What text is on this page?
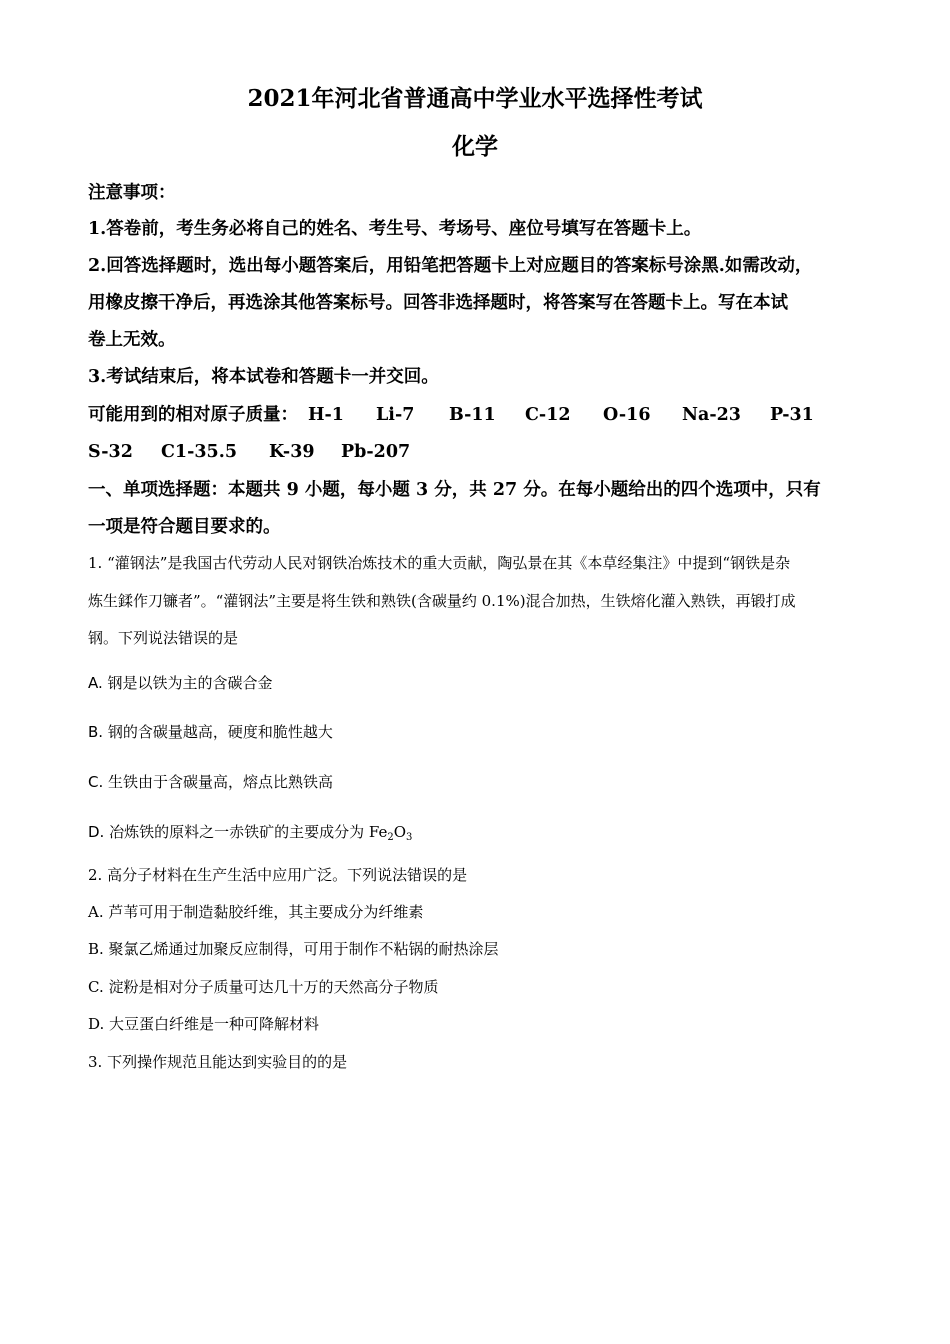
2021年河北省普通高中学业水平选择性考试
化学
注意事项：
1.答卷前，考生务必将自己的姓名、考生号、考场号、座位号填写在答题卡上。
2.回答选择题时，选出每小题答案后，用铅笔把答题卡上对应题目的答案标号涂黑.如需改动，
用橡皮擦干净后，再选涂其他答案标号。回答非选择题时，将答案写在答题卡上。写在本试
卷上无效。
3.考试结束后，将本试卷和答题卡一并交回。
可能用到的相对原子质量： H-1 Li-7 B-11 C-12 O-16 Na-23 P-31
S-32 C1-35.5 K-39 Pb-207
一、单项选择题：本题共 9 小题，每小题 3 分，共 27 分。在每小题给出的四个选项中，只有
一项是符合题目要求的。
1. “灌钢法”是我国古代劳动人民对钢铁冶炼技术的重大贡献，陶弘景在其《本草经集注》中提到“钢铁是杂
炼生鍒作刀镰者”。“灌钢法”主要是将生铁和熟铁(含碳量约 0.1%)混合加热，生铁熔化灌入熟铁，再锻打成
钢。下列说法错误的是
A. 钢是以铁为主的含碳合金
B. 钢的含碳量越高，硬度和脆性越大
C. 生铁由于含碳量高，熔点比熟铁高
D. 冶炼铁的原料之一赤铁矿的主要成分为 $Fe_2O_3$
2. 高分子材料在生产生活中应用广泛。下列说法错误的是
A. 芦苇可用于制造黏胶纤维，其主要成分为纤维素
B. 聚氯乙烯通过加聚反应制得，可用于制作不粘锅的耐热涂层
C. 淀粉是相对分子质量可达几十万的天然高分子物质
D. 大豆蛋白纤维是一种可降解材料
3. 下列操作规范且能达到实验目的的是
